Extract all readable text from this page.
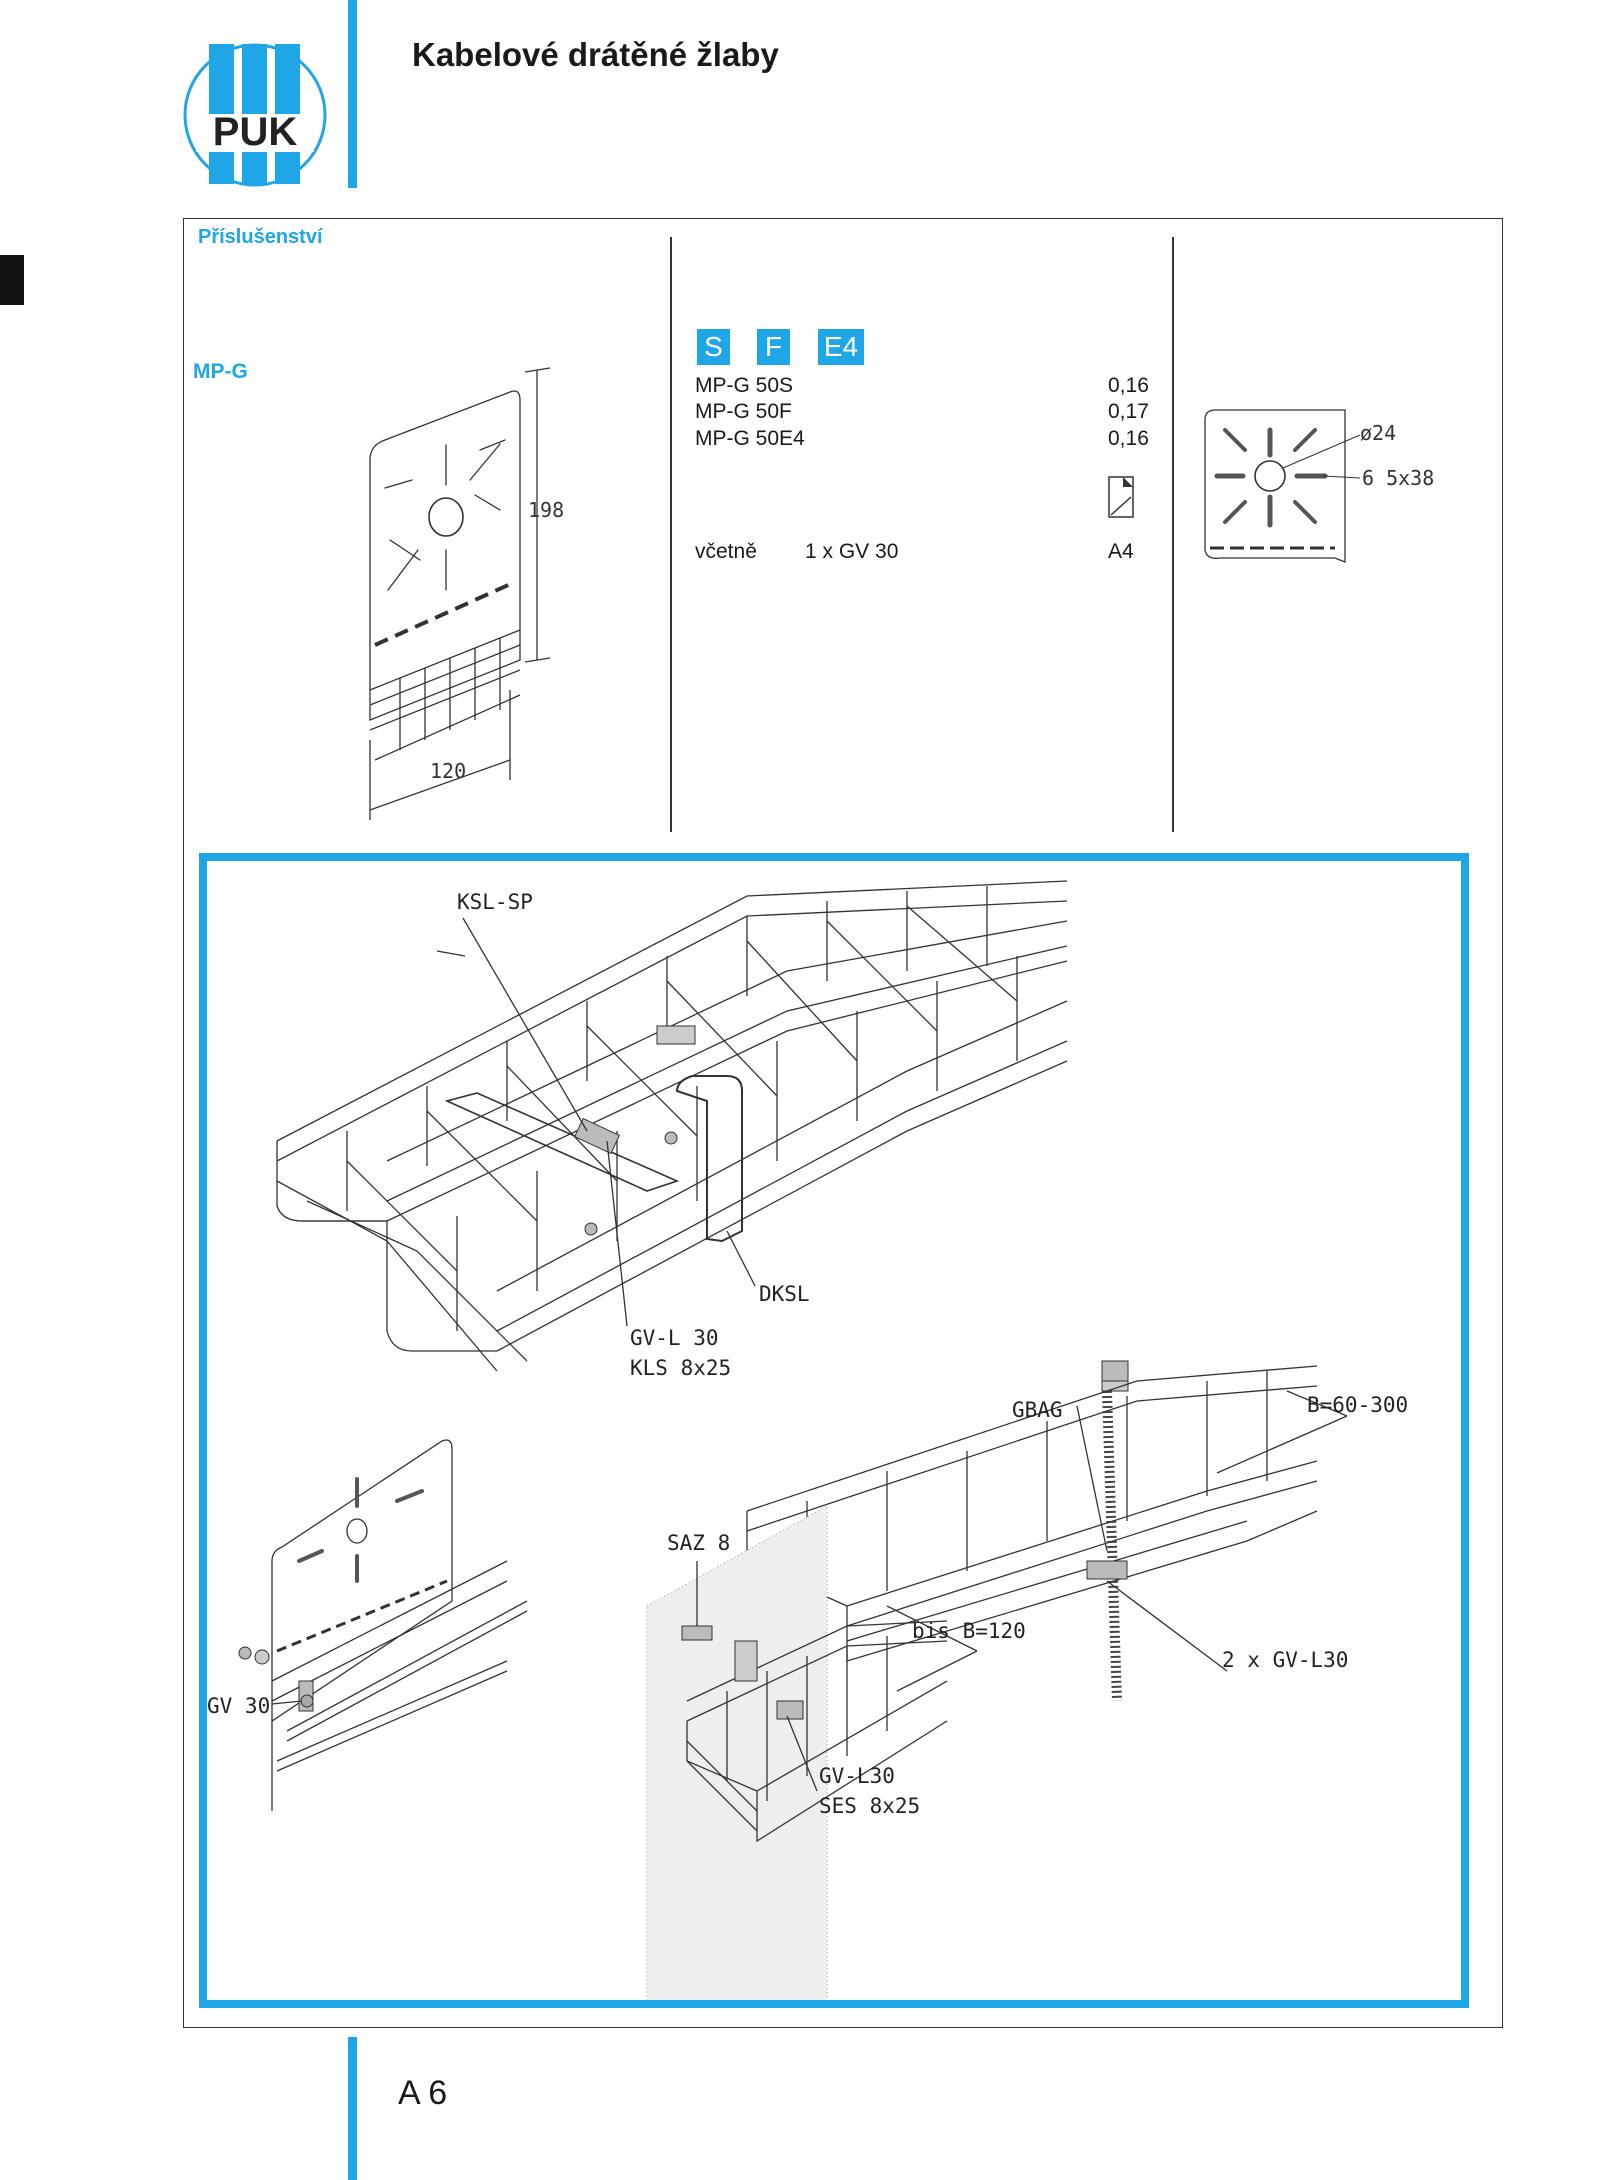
PUK
Kabelové drátěné žlaby
Příslušenství
MP-G
198
120
S F E4
MP-G 50S	0,16
MP-G 50F	0,17
MP-G 50E4	0,16
včetně 1 x GV 30	A4
ø24
6 5x38
KSL-SP
DKSL
GV-L 30
KLS 8x25
GBAG	B=60-300
2 x GV-L30
SAZ 8
bis B=120
GV-L30
SES 8x25
GV 30
A 6
